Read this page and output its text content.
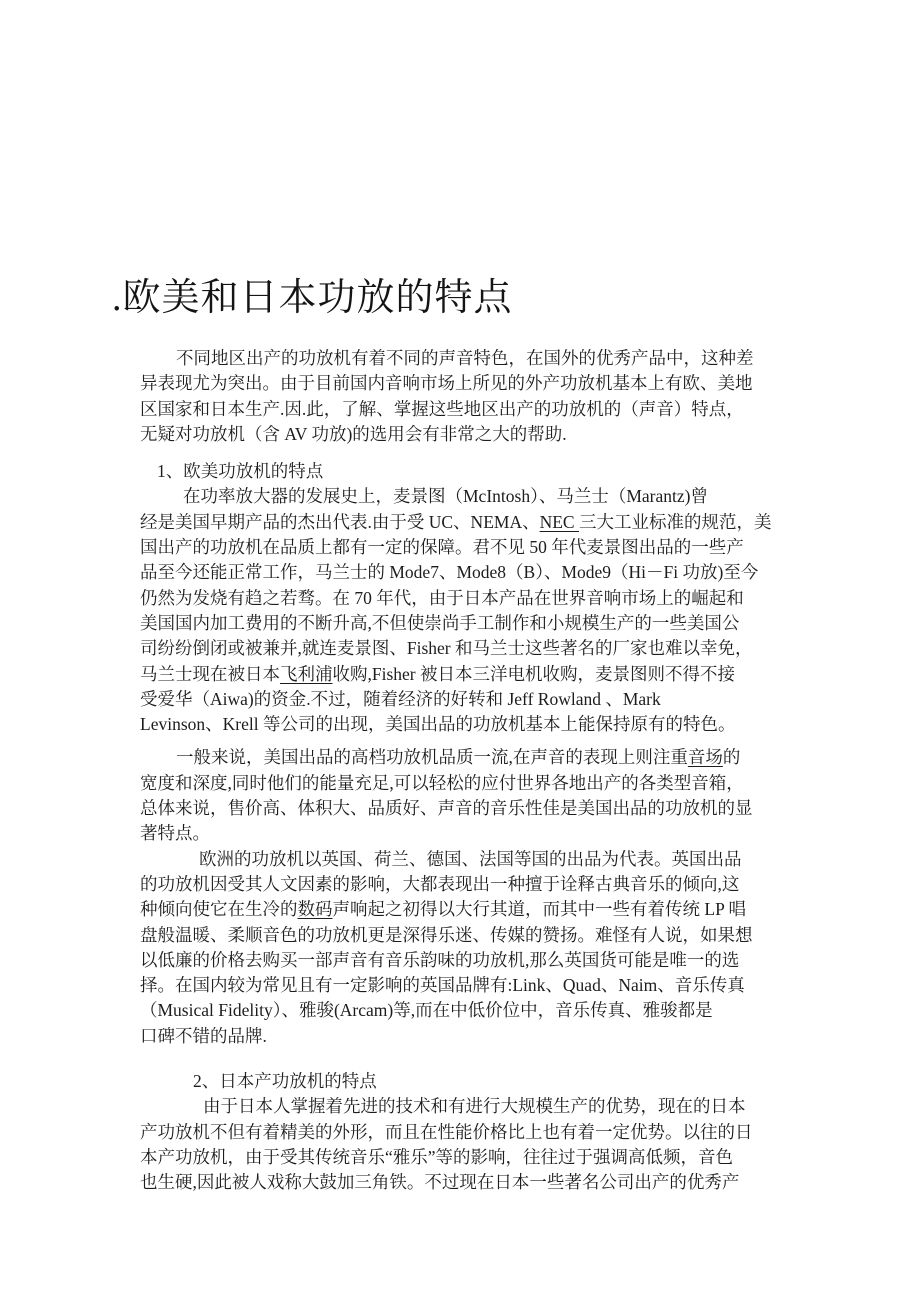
.欧美和日本功放的特点
不同地区出产的功放机有着不同的声音特色，在国外的优秀产品中，这种差
异表现尤为突出。由于目前国内音响市场上所见的外产功放机基本上有欧、美地
区国家和日本生产.因.此，了解、掌握这些地区出产的功放机的（声音）特点，
无疑对功放机（含 AV 功放)的选用会有非常之大的帮助.
1、欧美功放机的特点
在功率放大器的发展史上，麦景图（McIntosh）、马兰士（Marantz)曾
经是美国早期产品的杰出代表.由于受 UC、NEMA、NEC 三大工业标准的规范，美
国出产的功放机在品质上都有一定的保障。君不见 50 年代麦景图出品的一些产
品至今还能正常工作，马兰士的 Mode7、Mode8（B）、Mode9（Hi－Fi 功放)至今
仍然为发烧有趋之若骛。在 70 年代，由于日本产品在世界音响市场上的崛起和
美国国内加工费用的不断升高,不但使崇尚手工制作和小规模生产的一些美国公
司纷纷倒闭或被兼并,就连麦景图、Fisher 和马兰士这些著名的厂家也难以幸免，
马兰士现在被日本飞利浦收购,Fisher 被日本三洋电机收购，麦景图则不得不接
受爱华（Aiwa)的资金.不过，随着经济的好转和 Jeff Rowland 、Mark
Levinson、Krell 等公司的出现，美国出品的功放机基本上能保持原有的特色。
一般来说，美国出品的高档功放机品质一流,在声音的表现上则注重音场的
宽度和深度,同时他们的能量充足,可以轻松的应付世界各地出产的各类型音箱，
总体来说，售价高、体积大、品质好、声音的音乐性佳是美国出品的功放机的显
著特点。
欧洲的功放机以英国、荷兰、德国、法国等国的出品为代表。英国出品
的功放机因受其人文因素的影响，大都表现出一种擅于诠释古典音乐的倾向,这
种倾向使它在生冷的数码声响起之初得以大行其道，而其中一些有着传统 LP 唱
盘般温暖、柔顺音色的功放机更是深得乐迷、传媒的赞扬。难怪有人说，如果想
以低廉的价格去购买一部声音有音乐韵味的功放机,那么英国货可能是唯一的选
择。在国内较为常见且有一定影响的英国品牌有:Link、Quad、Naim、音乐传真
（Musical Fidelity）、雅骏(Arcam)等,而在中低价位中，音乐传真、雅骏都是
口碑不错的品牌.
2、日本产功放机的特点
由于日本人掌握着先进的技术和有进行大规模生产的优势，现在的日本
产功放机不但有着精美的外形，而且在性能价格比上也有着一定优势。以往的日
本产功放机，由于受其传统音乐“雅乐”等的影响，往往过于强调高低频，音色
也生硬,因此被人戏称大鼓加三角铁。不过现在日本一些著名公司出产的优秀产
